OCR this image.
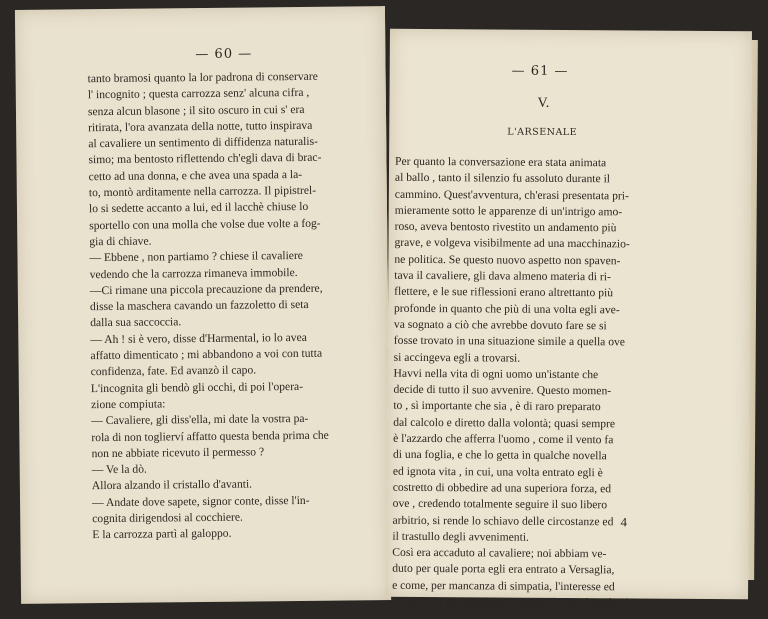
— 60 —
tanto bramosi quanto la lor padrona di conservare
l' incognito ; questa carrozza senz' alcuna cifra ,
senza alcun blasone ; il sito oscuro in cui s' era
ritirata, l'ora avanzata della notte, tutto inspirava
al cavaliere un sentimento di diffidenza naturalis-
simo; ma bentosto riflettendo ch'egli dava di brac-
cetto ad una donna, e che avea una spada a la-
to, montò arditamente nella carrozza. Il pipistrel-
lo si sedette accanto a lui, ed il lacchè chiuse lo
sportello con una molla che volse due volte a fog-
gia di chiave.
— Ebbene , non partiamo ? chiese il cavaliere
vedendo che la carrozza rimaneva immobile.
—Ci rimane una piccola precauzione da prendere,
disse la maschera cavando un fazzoletto di seta
dalla sua saccoccia.
— Ah ! si è vero, disse d'Harmental, io lo avea
affatto dimenticato ; mi abbandono a voi con tutta
confidenza, fate. Ed avanzò il capo.
L'incognita gli bendò gli occhi, di poi l'opera-
zione compiuta:
— Cavaliere, gli diss'ella, mi date la vostra pa-
rola di non toglierví affatto questa benda prima che
non ne abbiate ricevuto il permesso ?
— Ve la dò.
Allora alzando il cristallo d'avanti.
— Andate dove sapete, signor conte, disse l'in-
cognita dirigendosi al cocchiere.
E la carrozza partì al galoppo.
— 61 —
V.
L'ARSENALE
Per quanto la conversazione era stata animata
al ballo , tanto il silenzio fu assoluto durante il
cammino. Quest'avventura, ch'erasi presentata pri-
mieramente sotto le apparenze di un'intrigo amo-
roso, aveva bentosto rivestito un andamento più
grave, e volgeva visibilmente ad una macchinazio-
ne politica. Se questo nuovo aspetto non spaven-
tava il cavaliere, gli dava almeno materia di ri-
flettere, e le sue riflessioni erano altrettanto più
profonde in quanto che più di una volta egli ave-
va sognato a ciò che avrebbe dovuto fare se si
fosse trovato in una situazione simile a quella ove
si accingeva egli a trovarsi.
Havvi nella vita di ogni uomo un'istante che
decide di tutto il suo avvenire. Questo momen-
to , sì importante che sia , è di raro preparato
dal calcolo e diretto dalla volontà; quasi sempre
è l'azzardo che afferra l'uomo , come il vento fa
di una foglia, e che lo getta in qualche novella
ed ignota vita , in cui, una volta entrato egli è
costretto di obbedire ad una superiora forza, ed
ove , credendo totalmente seguire il suo libero
arbitrio, si rende lo schiavo delle circostanze ed
il trastullo degli avvenimenti.
Così era accaduto al cavaliere; noi abbiam ve-
duto per quale porta egli era entrato a Versaglia,
e come, per mancanza di simpatia, l'interesse ed
eziandio la riconoscenza avevano dovuto legarlo al
4
